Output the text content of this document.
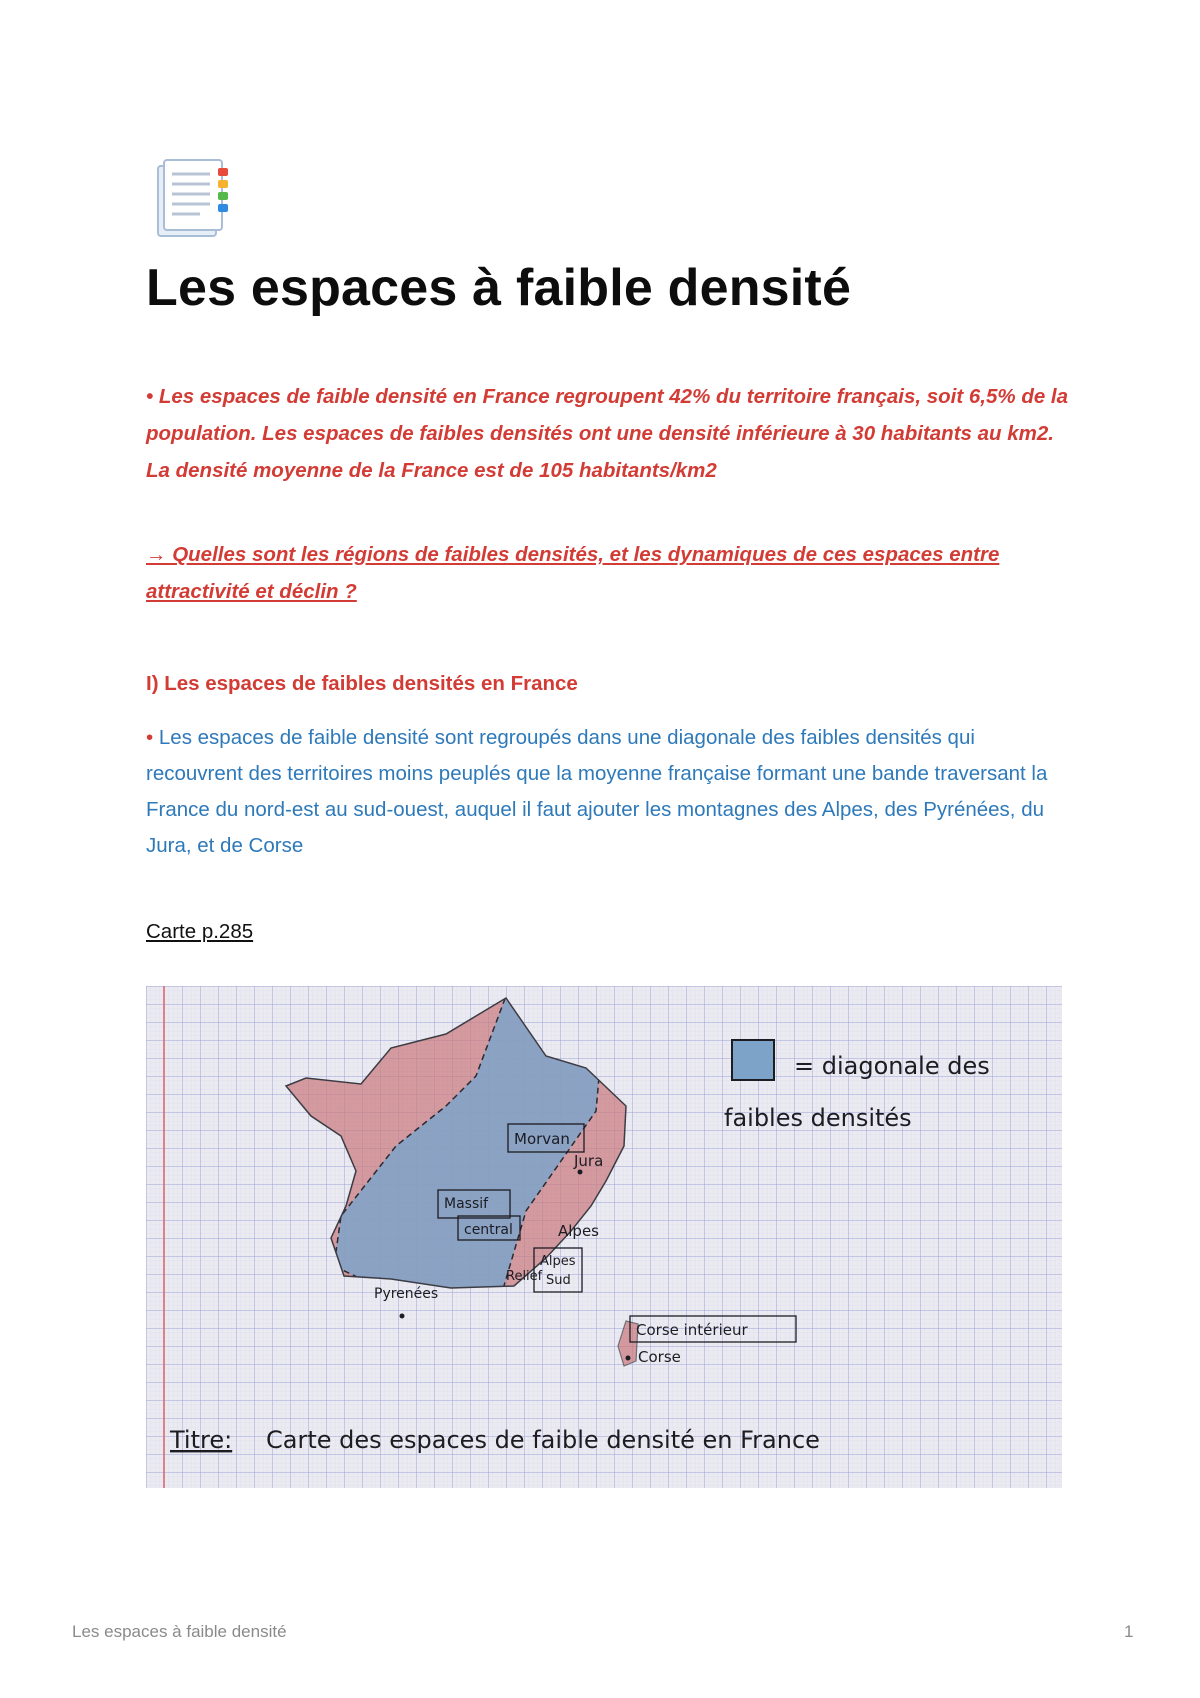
Les espaces à faible densité

• Les espaces de faible densité en France regroupent 42% du territoire français, soit 6,5% de la population. Les espaces de faibles densités ont une densité inférieure à 30 habitants au km2. La densité moyenne de la France est de 105 habitants/km2

→ Quelles sont les régions de faibles densités, et les dynamiques de ces espaces entre attractivité et déclin ?

I) Les espaces de faibles densités en France

• Les espaces de faible densité sont regroupés dans une diagonale des faibles densités qui recouvrent des territoires moins peuplés que la moyenne française formant une bande traversant la France du nord-est au sud-ouest, auquel il faut ajouter les montagnes des Alpes, des Pyrénées, du Jura, et de Corse

Carte p.285

Morvan
Jura
Massif
central	Alpes
Alpes
Sud
Relief
Pyrenées
Corse intérieur
Corse
= diagonale des
faibles densités
Titre: Carte des espaces de faible densité en France
Les espaces à faible densité	1
